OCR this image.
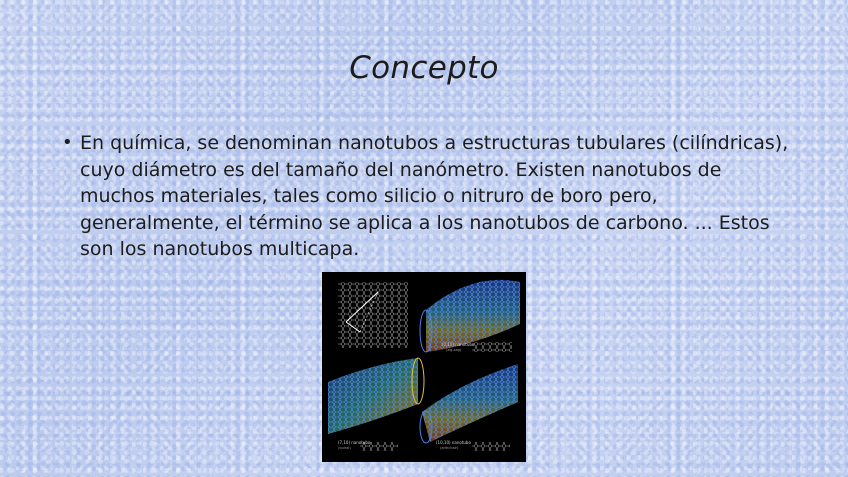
Concepto
• En química, se denominan nanotubos a estructuras tubulares (cilíndricas), cuyo diámetro es del tamaño del nanómetro. Existen nanotubos de muchos materiales, tales como silicio o nitruro de boro pero, generalmente, el término se aplica a los nanotubos de carbono. ... Estos son los nanotubos multicapa.

(0,10) nanotubo
(zig-zag)
(7,10) nanotubo
(quiral)
(10,10) nanotubo
(armchair)
